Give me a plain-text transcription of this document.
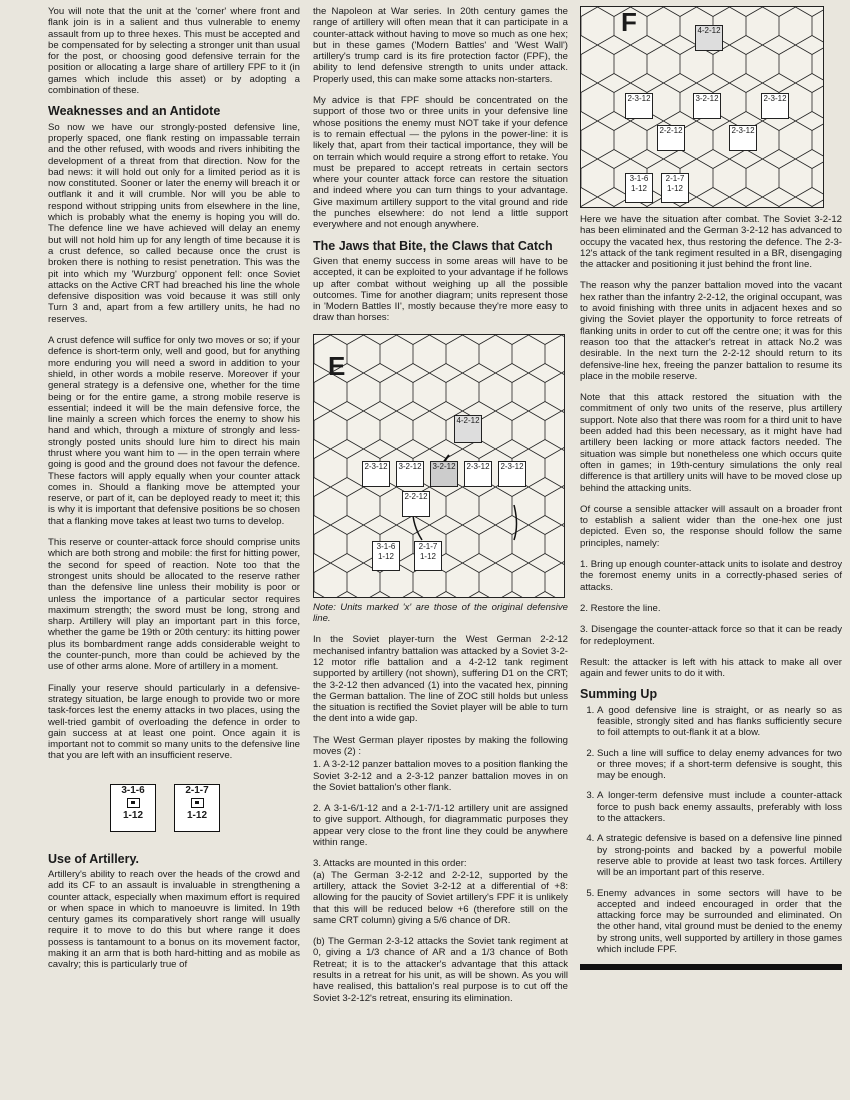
You will note that the unit at the 'corner' where front and flank join is in a salient and thus vulnerable to enemy assault from up to three hexes. This must be accepted and be compensated for by selecting a stronger unit than usual for the post, or choosing good defensive terrain for the position or allocating a large share of artillery FPF to it (in games which include this asset) or by adopting a combination of these.

Weaknesses and an Antidote

So now we have our strongly-posted defensive line, properly spaced, one flank resting on impassable terrain and the other refused, with woods and rivers inhibiting the development of a threat from that direction. Now for the bad news: it will hold out only for a limited period as it is now constituted. Sooner or later the enemy will breach it or outflank it and it will crumble. Nor will you be able to respond without stripping units from elsewhere in the line, which is probably what the enemy is hoping you will do. The defence line we have achieved will delay an enemy but will not hold him up for any length of time because it is a crust defence, so called because once the crust is broken there is nothing to resist penetration. This was the pit into which my 'Wurzburg' opponent fell: once Soviet attacks on the Active CRT had breached his line the whole defensive disposition was void because it was still only Turn 3 and, apart from a few artillery units, he had no reserves.

A crust defence will suffice for only two moves or so; if your defence is short-term only, well and good, but for anything more enduring you will need a sword in addition to your shield, in other words a mobile reserve. Moreover if your general strategy is a defensive one, whether for the time being or for the entire game, a strong mobile reserve is essential; indeed it will be the main defensive force, the line mainly a screen which forces the enemy to show his hand and which, through a mixture of strongly and less-strongly posted units should lure him to direct his main thrust where you want him to — in the open terrain where going is good and the ground does not favour the defence. These factors will apply equally when your counter attack comes in. Should a flanking move be attempted your reserve, or part of it, can be deployed ready to meet it; this is why it is important that defensive positions be so chosen that a flanking move takes at least two turns to develop.

This reserve or counter-attack force should comprise units which are both strong and mobile: the first for hitting power, the second for speed of reaction. Note too that the strongest units should be allocated to the reserve rather than the defensive line unless their mobility is poor or unless the importance of a particular sector requires maximum strength; the sword must be long, strong and sharp. Artillery will play an important part in this force, whether the game be 19th or 20th century: its hitting power plus its bombardment range adds considerable weight to the counter-punch, more than could be achieved by the use of other arms alone. More of artillery in a moment.

Finally your reserve should particularly in a defensive-strategy situation, be large enough to provide two or more task-forces lest the enemy attacks in two places, using the well-tried gambit of overloading the defence in order to gain success at at least one point. Once again it is important not to commit so many units to the defensive line that you are left with an insufficient reserve.

3-1-6
1-12
2-1-7
1-12
Use of Artillery.

Artillery's ability to reach over the heads of the crowd and add its CF to an assault is invaluable in strengthening a counter attack, especially when maximum effort is required or when space in which to manoeuvre is limited. In 19th century games its comparatively short range will usually require it to move to do this but where range it does possess is tantamount to a bonus on its movement factor, making it an arm that is both hard-hitting and as mobile as cavalry; this is particularly true of

the Napoleon at War series. In 20th century games the range of artillery will often mean that it can participate in a counter-attack without having to move so much as one hex; but in these games ('Modern Battles' and 'West Wall') artillery's trump card is its fire protection factor (FPF), the ability to lend defensive strength to units under attack. Properly used, this can make some attacks non-starters.

My advice is that FPF should be concentrated on the support of those two or three units in your defensive line whose positions the enemy must NOT take if your defence is to remain effectual — the pylons in the power-line: it is likely that, apart from their tactical importance, they will be on terrain which would require a strong effort to retake. You must be prepared to accept retreats in certain sectors where your counter attack force can restore the situation and indeed where you can turn things to your advantage. Give maximum artillery support to the vital ground and ride the punches elsewhere: do not lend a little support everywhere and not enough anywhere.

The Jaws that Bite, the Claws that Catch

Given that enemy success in some areas will have to be accepted, it can be exploited to your advantage if he follows up after combat without weighing up all the possible outcomes. Time for another diagram; units represent those in 'Modern Battles II', mostly because they're more easy to draw than horses:

E
4-2-12
2-3-12	3-2-12	3-2-12	2-3-12	2-3-12
2-2-12
3-1-6
1-12
2-1-7
1-12

Note: Units marked 'x' are those of the original defensive line.

In the Soviet player-turn the West German 2-2-12 mechanised infantry battalion was attacked by a Soviet 3-2-12 motor rifle battalion and a 4-2-12 tank regiment supported by artillery (not shown), suffering D1 on the CRT; the 3-2-12 then advanced (1) into the vacated hex, pinning the German battalion. The line of ZOC still holds but unless the situation is rectified the Soviet player will be able to turn the dent into a wide gap.

The West German player ripostes by making the following moves (2) :

1. A 3-2-12 panzer battalion moves to a position flanking the Soviet 3-2-12 and a 2-3-12 panzer battalion moves in on the Soviet battalion's other flank.

2. A 3-1-6/1-12 and a 2-1-7/1-12 artillery unit are assigned to give support. Although, for diagrammatic purposes they appear very close to the front line they could be anywhere within range.

3. Attacks are mounted in this order:
(a) The German 3-2-12 and 2-2-12, supported by the artillery, attack the Soviet 3-2-12 at a differential of +8: allowing for the paucity of Soviet artillery's FPF it is unlikely that this will be reduced below +6 (therefore still on the same CRT column) giving a 5/6 chance of DR.

(b) The German 2-3-12 attacks the Soviet tank regiment at 0, giving a 1/3 chance of AR and a 1/3 chance of Both Retreat; it is to the attacker's advantage that this attack results in a retreat for his unit, as will be shown. As you will have realised, this battalion's real purpose is to cut off the Soviet 3-2-12's retreat, ensuring its elimination.

F	4-2-12
2-3-12	3-2-12	2-3-12
2-2-12	2-3-12
3-1-6
1-12
2-1-7
1-12

Here we have the situation after combat. The Soviet 3-2-12 has been eliminated and the German 3-2-12 has advanced to occupy the vacated hex, thus restoring the defence. The 2-3-12's attack of the tank regiment resulted in a BR, disengaging the attacker and positioning it just behind the front line.

The reason why the panzer battalion moved into the vacant hex rather than the infantry 2-2-12, the original occupant, was to avoid finishing with three units in adjacent hexes and so giving the Soviet player the opportunity to force retreats of flanking units in order to cut off the centre one; it was for this reason too that the attacker's retreat in attack No.2 was desirable. In the next turn the 2-2-12 should return to its defensive-line hex, freeing the panzer battalion to resume its place in the mobile reserve.

Note that this attack restored the situation with the commitment of only two units of the reserve, plus artillery support. Note also that there was room for a third unit to have been added had this been necessary, as it might have had artillery been lacking or more attack factors needed. The situation was simple but nonetheless one which occurs quite often in games; in 19th-century simulations the only real difference is that artillery units will have to be moved close up behind the attacking units.

Of course a sensible attacker will assault on a broader front to establish a salient wider than the one-hex one just depicted. Even so, the response should follow the same principles, namely:

1. Bring up enough counter-attack units to isolate and destroy the foremost enemy units in a correctly-phased series of attacks.

2. Restore the line.

3. Disengage the counter-attack force so that it can be ready for redeployment.

Result: the attacker is left with his attack to make all over again and fewer units to do it with.

Summing Up
1. A good defensive line is straight, or as nearly so as feasible, strongly sited and has flanks sufficiently secure to foil attempts to out-flank it at a blow.
2. Such a line will suffice to delay enemy advances for two or three moves; if a short-term defensive is sought, this may be enough.
3. A longer-term defensive must include a counter-attack force to push back enemy assaults, preferably with loss to the attackers.
4. A strategic defensive is based on a defensive line pinned by strong-points and backed by a powerful mobile reserve able to provide at least two task forces. Artillery will be an important part of this reserve.
5. Enemy advances in some sectors will have to be accepted and indeed encouraged in order that the attacking force may be surrounded and eliminated. On the other hand, vital ground must be denied to the enemy by strong units, well supported by artillery in those games which include FPF.
